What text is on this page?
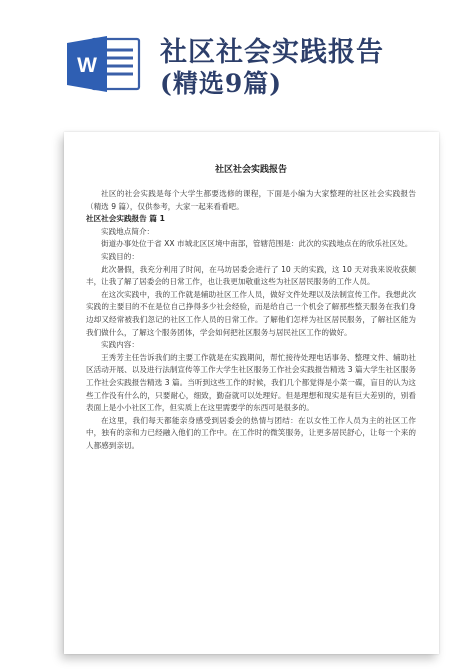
W 社区社会实践报告
(精选9篇)
社区社会实践报告

社区的社会实践是每个大学生都要选修的课程，下面是小编为大家整理的社区社会实践报告（精选 9 篇），仅供参考，大家一起来看看吧。

社区社会实践报告 篇 1

实践地点简介：

街道办事处位于省 XX 市城北区区境中南部，管辖范围是：此次的实践地点在的欣乐社区处。

实践目的：

此次暑假，我充分利用了时间，在马坊居委会进行了 10 天的实践，这 10 天对我来说收获颇丰，让我了解了居委会的日常工作，也让我更加敬重这些为社区居民服务的工作人员。

在这次实践中，我的工作就是辅助社区工作人员，做好文件处理以及法制宣传工作。我想此次实践的主要目的不在是位自己挣得多少社会经验，而是给自己一个机会了解那些整天服务在我们身边却又经常被我们忽记的社区工作人员的日常工作。了解他们怎样为社区居民服务，了解社区能为我们做什么，了解这个服务团体，学会如何把社区服务与居民社区工作的做好。

实践内容：

王秀芳主任告诉我们的主要工作就是在实践期间，帮忙接待处理电话事务、整理文件、辅助社区活动开展、以及进行法制宣传等工作大学生社区服务工作社会实践报告精选 3 篇大学生社区服务工作社会实践报告精选 3 篇。当听到这些工作的时候，我们几个都觉得是小菜一碟，盲目的认为这些工作没有什么的，只要耐心，细致，勤奋就可以处理好。但是理想和现实是有巨大差别的，别看表面上是小小社区工作，但实质上在这里需要学的东西可是很多的。

在这里，我们每天都能亲身感受到居委会的热情与团结：在以女性工作人员为主的社区工作中，独有的亲和力已经融入他们的工作中。在工作时的微笑服务，让更多居民舒心，让每一个来的人都感到亲切。
